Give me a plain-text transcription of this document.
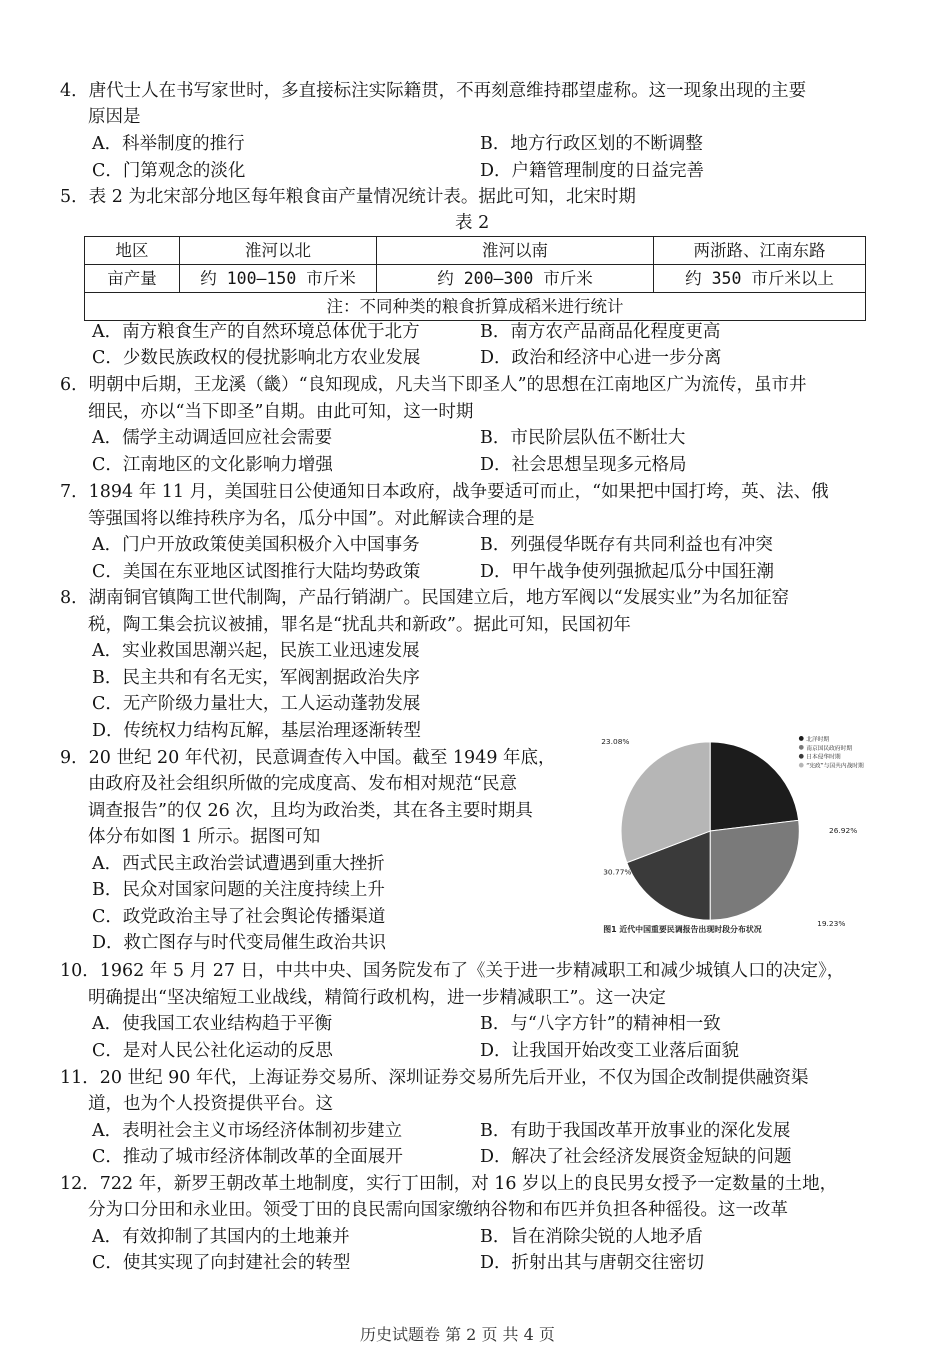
4．唐代士人在书写家世时，多直接标注实际籍贯，不再刻意维持郡望虚称。这一现象出现的主要
原因是
A．科举制度的推行	B．地方行政区划的不断调整
C．门第观念的淡化	D．户籍管理制度的日益完善
5．表 2 为北宋部分地区每年粮食亩产量情况统计表。据此可知，北宋时期
表 2
地区	淮河以北	淮河以南	两浙路、江南东路
亩产量	约 100—150 市斤米	约 200—300 市斤米	约 350 市斤米以上
注：不同种类的粮食折算成稻米进行统计			
A．南方粮食生产的自然环境总体优于北方	B．南方农产品商品化程度更高
C．少数民族政权的侵扰影响北方农业发展	D．政治和经济中心进一步分离
6．明朝中后期，王龙溪（畿）“良知现成，凡夫当下即圣人”的思想在江南地区广为流传，虽市井
细民，亦以“当下即圣”自期。由此可知，这一时期
A．儒学主动调适回应社会需要	B．市民阶层队伍不断壮大
C．江南地区的文化影响力增强	D．社会思想呈现多元格局
7．1894 年 11 月，美国驻日公使通知日本政府，战争要适可而止，“如果把中国打垮，英、法、俄
等强国将以维持秩序为名，瓜分中国”。对此解读合理的是
A．门户开放政策使美国积极介入中国事务	B．列强侵华既存有共同利益也有冲突
C．美国在东亚地区试图推行大陆均势政策	D．甲午战争使列强掀起瓜分中国狂潮
8．湖南铜官镇陶工世代制陶，产品行销湖广。民国建立后，地方军阀以“发展实业”为名加征窑
税，陶工集会抗议被捕，罪名是“扰乱共和新政”。据此可知，民国初年
A．实业救国思潮兴起，民族工业迅速发展
B．民主共和有名无实，军阀割据政治失序
C．无产阶级力量壮大，工人运动蓬勃发展
D．传统权力结构瓦解，基层治理逐渐转型
9．20 世纪 20 年代初，民意调查传入中国。截至 1949 年底，
由政府及社会组织所做的完成度高、发布相对规范“民意
调查报告”的仅 26 次，且均为政治类，其在各主要时期具
体分布如图 1 所示。据图可知
A．西式民主政治尝试遭遇到重大挫折
B．民众对国家问题的关注度持续上升
C．政党政治主导了社会舆论传播渠道
D．救亡图存与时代变局催生政治共识
23.08%
26.92%
19.23%
30.77%
北洋时期
南京国民政府时期
日本侵华时期
“宪政”与国共内战时期
图1 近代中国重要民调报告出现时段分布状况
10．1962 年 5 月 27 日，中共中央、国务院发布了《关于进一步精减职工和减少城镇人口的决定》，
明确提出“坚决缩短工业战线，精简行政机构，进一步精减职工”。这一决定
A．使我国工农业结构趋于平衡	B．与“八字方针”的精神相一致
C．是对人民公社化运动的反思	D．让我国开始改变工业落后面貌
11．20 世纪 90 年代，上海证券交易所、深圳证券交易所先后开业，不仅为国企改制提供融资渠
道，也为个人投资提供平台。这
A．表明社会主义市场经济体制初步建立	B．有助于我国改革开放事业的深化发展
C．推动了城市经济体制改革的全面展开	D．解决了社会经济发展资金短缺的问题
12．722 年，新罗王朝改革土地制度，实行丁田制，对 16 岁以上的良民男女授予一定数量的土地，
分为口分田和永业田。领受丁田的良民需向国家缴纳谷物和布匹并负担各种徭役。这一改革
A．有效抑制了其国内的土地兼并	B．旨在消除尖锐的人地矛盾
C．使其实现了向封建社会的转型	D．折射出其与唐朝交往密切
历史试题卷 第 2 页 共 4 页
